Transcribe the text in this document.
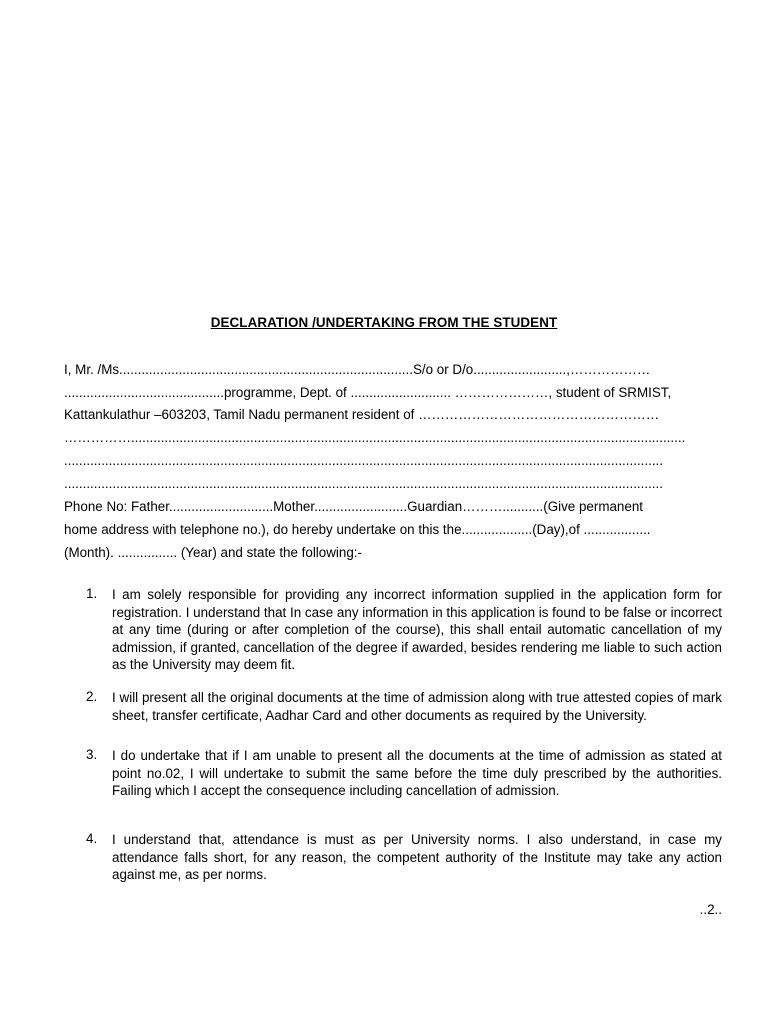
DECLARATION /UNDERTAKING FROM THE STUDENT
I, Mr. /Ms...............................................................................S/o or D/o.........................,………………
...........................................programme, Dept. of ........................... …………………, student of SRMIST,
Kattankulathur –603203, Tamil Nadu permanent resident of ………………………………………………
…………….....................................................................................................................................................
.................................................................................................................................................................
.................................................................................................................................................................
Phone No: Father............................Mother.........................Guardian………...........(Give permanent
home address with telephone no.), do hereby undertake on this the...................(Day),of ..................
(Month). ................ (Year) and state the following:-
1. I am solely responsible for providing any incorrect information supplied in the application form for registration. I understand that In case any information in this application is found to be false or incorrect at any time (during or after completion of the course), this shall entail automatic cancellation of my admission, if granted, cancellation of the degree if awarded, besides rendering me liable to such action as the University may deem fit.
2. I will present all the original documents at the time of admission along with true attested copies of mark sheet, transfer certificate, Aadhar Card and other documents as required by the University.
3. I do undertake that if I am unable to present all the documents at the time of admission as stated at point no.02, I will undertake to submit the same before the time duly prescribed by the authorities. Failing which I accept the consequence including cancellation of admission.
4. I understand that, attendance is must as per University norms. I also understand, in case my attendance falls short, for any reason, the competent authority of the Institute may take any action against me, as per norms.
..2..
